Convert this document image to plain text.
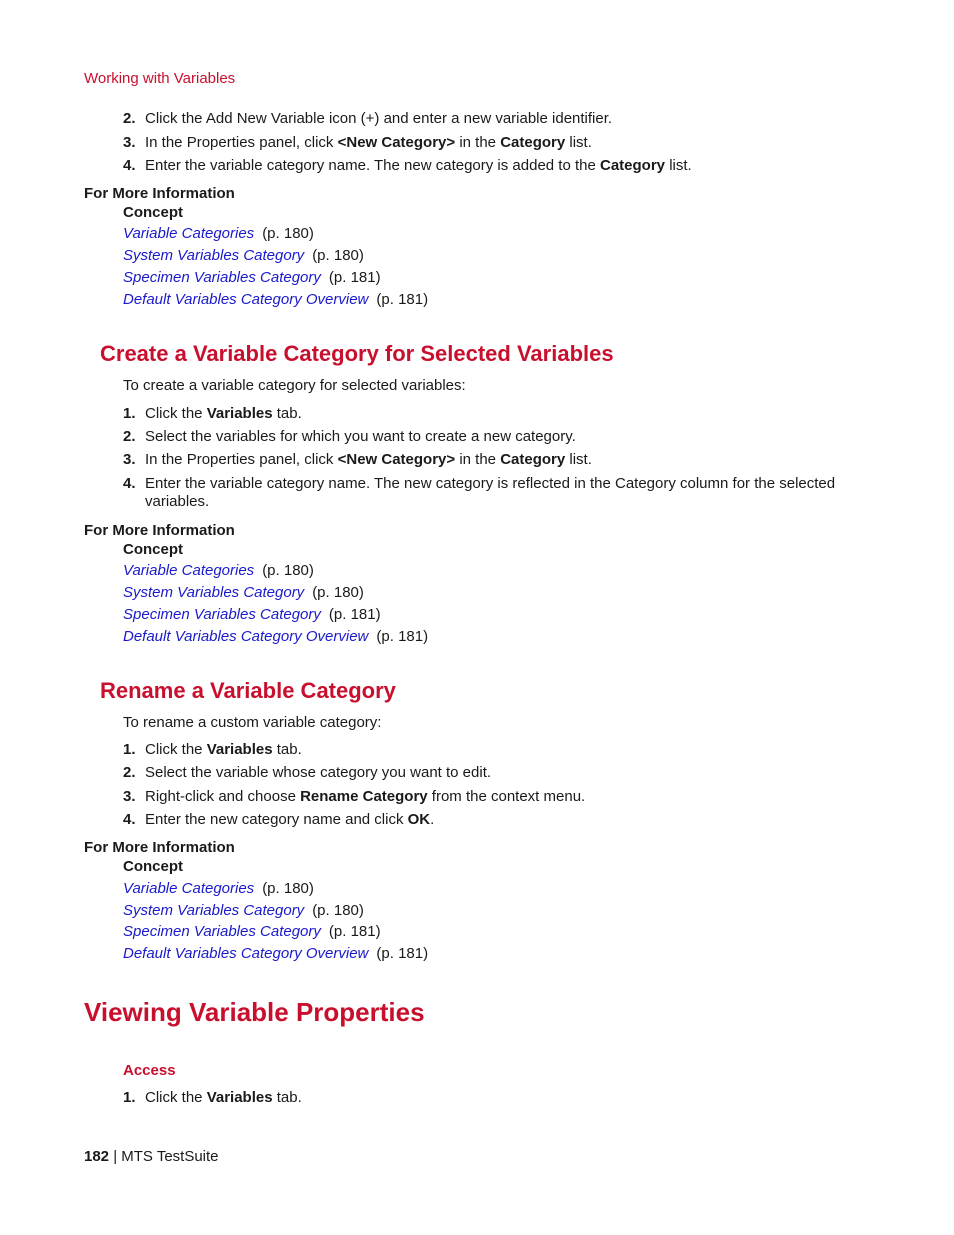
Working with Variables
2. Click the Add New Variable icon (+) and enter a new variable identifier.
3. In the Properties panel, click <New Category> in the Category list.
4. Enter the variable category name. The new category is added to the Category list.
For More Information
Concept
Variable Categories (p. 180)
System Variables Category (p. 180)
Specimen Variables Category (p. 181)
Default Variables Category Overview (p. 181)
Create a Variable Category for Selected Variables
To create a variable category for selected variables:
1. Click the Variables tab.
2. Select the variables for which you want to create a new category.
3. In the Properties panel, click <New Category> in the Category list.
4. Enter the variable category name. The new category is reflected in the Category column for the selected variables.
For More Information
Concept
Variable Categories (p. 180)
System Variables Category (p. 180)
Specimen Variables Category (p. 181)
Default Variables Category Overview (p. 181)
Rename a Variable Category
To rename a custom variable category:
1. Click the Variables tab.
2. Select the variable whose category you want to edit.
3. Right-click and choose Rename Category from the context menu.
4. Enter the new category name and click OK.
For More Information
Concept
Variable Categories (p. 180)
System Variables Category (p. 180)
Specimen Variables Category (p. 181)
Default Variables Category Overview (p. 181)
Viewing Variable Properties
Access
1. Click the Variables tab.
182 | MTS TestSuite
